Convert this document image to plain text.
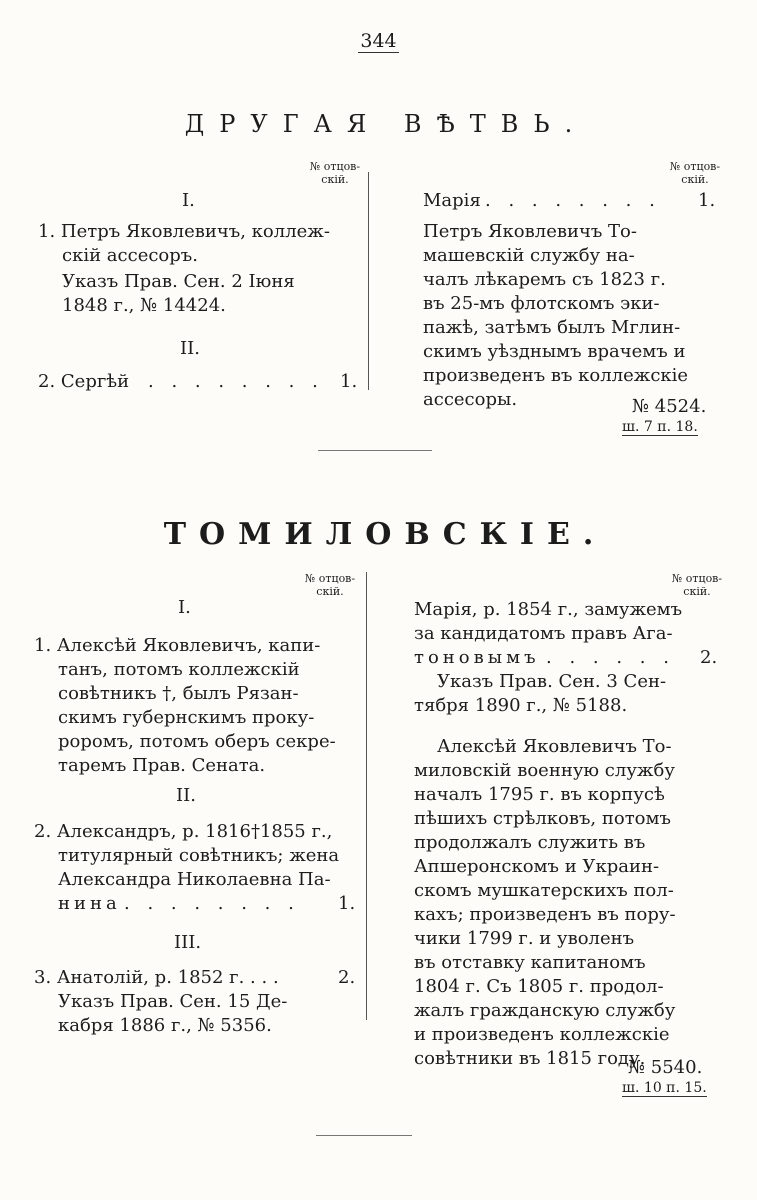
344
ДРУГАЯ ВѢТВЬ.
№ отцов-скій.
№ отцов-скій.
I.
1. Петръ Яковлевичъ, коллеж-
скій ассесоръ.
Указъ Прав. Сен. 2 Іюня
1848 г., № 14424.
II.
2. Сергѣй . . . . . . . . 1.
Марія . . . . . . . . 1.
Петръ Яковлевичъ То-
машевскій службу на-
чалъ лѣкаремъ съ 1823 г.
въ 25-мъ флотскомъ эки-
пажѣ, затѣмъ былъ Мглин-
скимъ уѣзднымъ врачемъ и
произведенъ въ коллежскіе
ассесоры.	№ 4524.
ш. 7 п. 18.
ТОМИЛОВСКІЕ.
№ отцов-скій.
№ отцов-скій.
I.
1. Алексѣй Яковлевичъ, капи-
танъ, потомъ коллежскій
совѣтникъ †, былъ Рязан-
скимъ губернскимъ проку-
роромъ, потомъ оберъ секре-
таремъ Прав. Сената.
II.
2. Александръ, р. 1816†1855 г.,
титулярный совѣтникъ; жена
Александра Николаевна Па-
нина . . . . . . . . 1.
III.
3. Анатолій, р. 1852 г. . . .	2.
Указъ Прав. Сен. 15 Де-
кабря 1886 г., № 5356.
Марія, р. 1854 г., замужемъ
за кандидатомъ правъ Ага-
тоновымъ . . . . . . 2.
Указъ Прав. Сен. 3 Сен-
тября 1890 г., № 5188.
Алексѣй Яковлевичъ То-
миловскій военную службу
началъ 1795 г. въ корпусѣ
пѣшихъ стрѣлковъ, потомъ
продолжалъ служить въ
Апшеронскомъ и Украин-
скомъ мушкатерскихъ пол-
кахъ; произведенъ въ пору-
чики 1799 г. и уволенъ
въ отставку капитаномъ
1804 г. Съ 1805 г. продол-
жалъ гражданскую службу
и произведенъ коллежскіе
совѣтники въ 1815 году.
№ 5540.
ш. 10 п. 15.
